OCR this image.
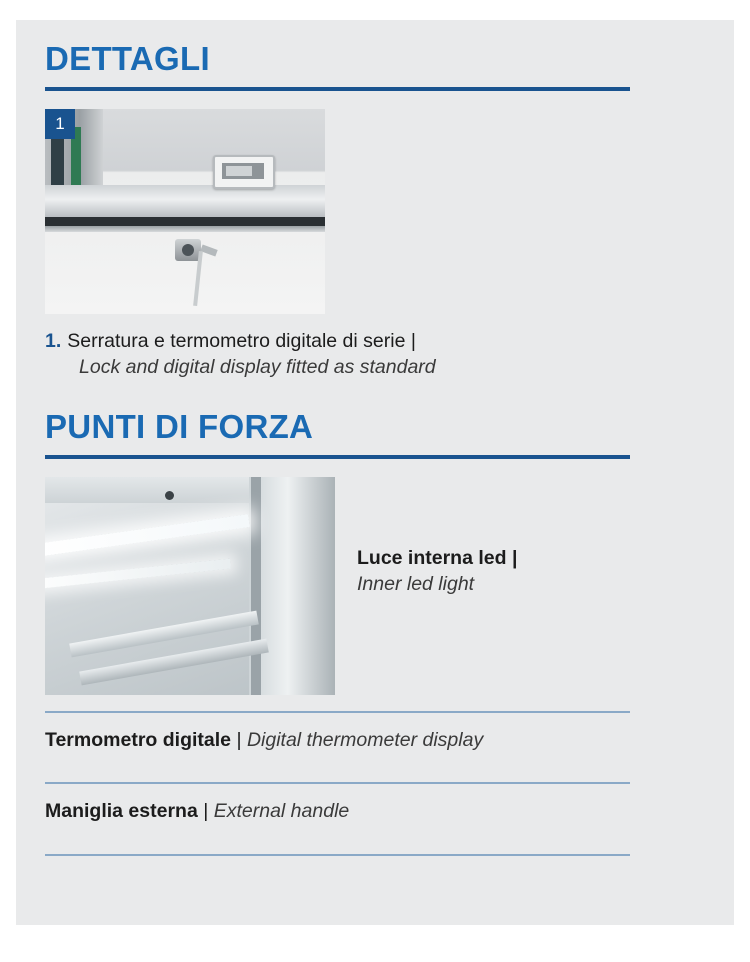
DETTAGLI
1

1. Serratura e termometro digitale di serie |
Lock and digital display fitted as standard

PUNTI DI FORZA
Luce interna led |
Inner led light
Termometro digitale | Digital thermometer display
Maniglia esterna | External handle
